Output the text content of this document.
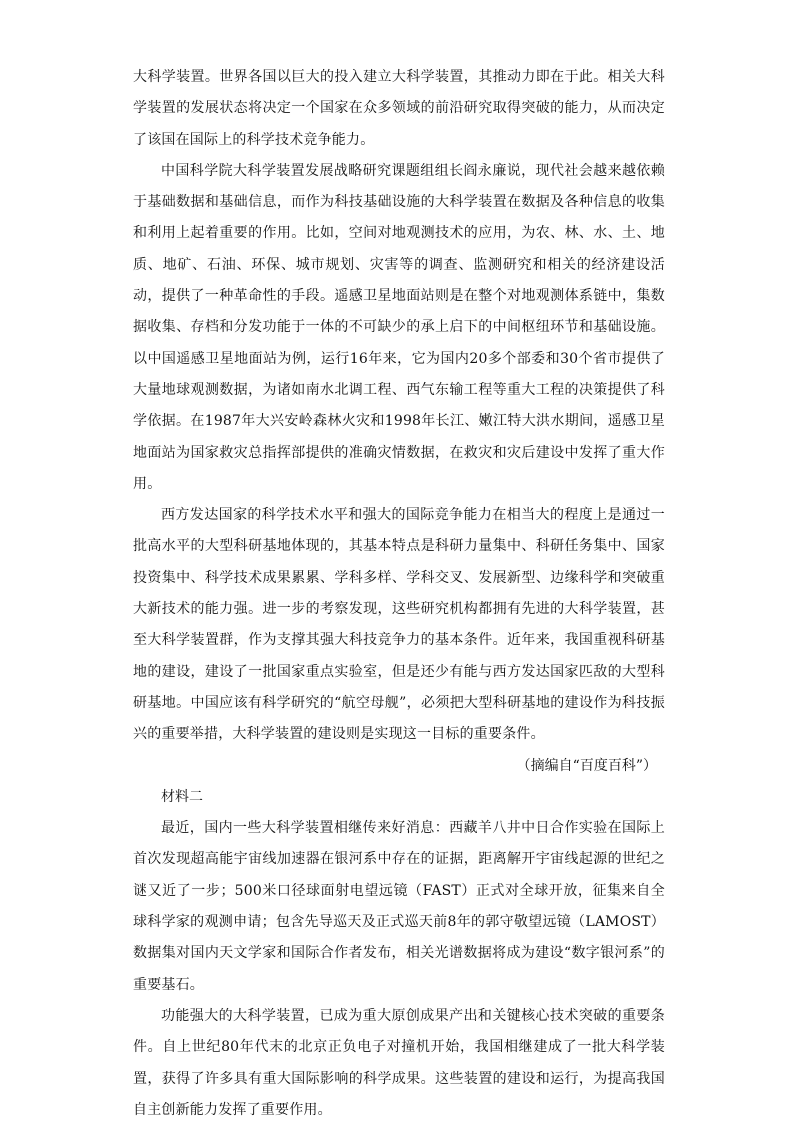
大科学装置。世界各国以巨大的投入建立大科学装置，其推动力即在于此。相关大科学装置的发展状态将决定一个国家在众多领域的前沿研究取得突破的能力，从而决定了该国在国际上的科学技术竞争能力。

中国科学院大科学装置发展战略研究课题组组长阎永廉说，现代社会越来越依赖于基础数据和基础信息，而作为科技基础设施的大科学装置在数据及各种信息的收集和利用上起着重要的作用。比如，空间对地观测技术的应用，为农、林、水、土、地质、地矿、石油、环保、城市规划、灾害等的调查、监测研究和相关的经济建设活动，提供了一种革命性的手段。遥感卫星地面站则是在整个对地观测体系链中，集数据收集、存档和分发功能于一体的不可缺少的承上启下的中间枢纽环节和基础设施。以中国遥感卫星地面站为例，运行16年来，它为国内20多个部委和30个省市提供了大量地球观测数据，为诸如南水北调工程、西气东输工程等重大工程的决策提供了科学依据。在1987年大兴安岭森林火灾和1998年长江、嫩江特大洪水期间，遥感卫星地面站为国家救灾总指挥部提供的准确灾情数据，在救灾和灾后建设中发挥了重大作用。

西方发达国家的科学技术水平和强大的国际竞争能力在相当大的程度上是通过一批高水平的大型科研基地体现的，其基本特点是科研力量集中、科研任务集中、国家投资集中、科学技术成果累累、学科多样、学科交叉、发展新型、边缘科学和突破重大新技术的能力强。进一步的考察发现，这些研究机构都拥有先进的大科学装置，甚至大科学装置群，作为支撑其强大科技竞争力的基本条件。近年来，我国重视科研基地的建设，建设了一批国家重点实验室，但是还少有能与西方发达国家匹敌的大型科研基地。中国应该有科学研究的“航空母舰”，必须把大型科研基地的建设作为科技振兴的重要举措，大科学装置的建设则是实现这一目标的重要条件。

（摘编自“百度百科”）

材料二

最近，国内一些大科学装置相继传来好消息：西藏羊八井中日合作实验在国际上首次发现超高能宇宙线加速器在银河系中存在的证据，距离解开宇宙线起源的世纪之谜又近了一步；500米口径球面射电望远镜（FAST）正式对全球开放，征集来自全球科学家的观测申请；包含先导巡天及正式巡天前8年的郭守敬望远镜（LAMOST）数据集对国内天文学家和国际合作者发布，相关光谱数据将成为建设“数字银河系”的重要基石。

功能强大的大科学装置，已成为重大原创成果产出和关键核心技术突破的重要条件。自上世纪80年代末的北京正负电子对撞机开始，我国相继建成了一批大科学装置，获得了许多具有重大国际影响的科学成果。这些装置的建设和运行，为提高我国自主创新能力发挥了重要作用。
